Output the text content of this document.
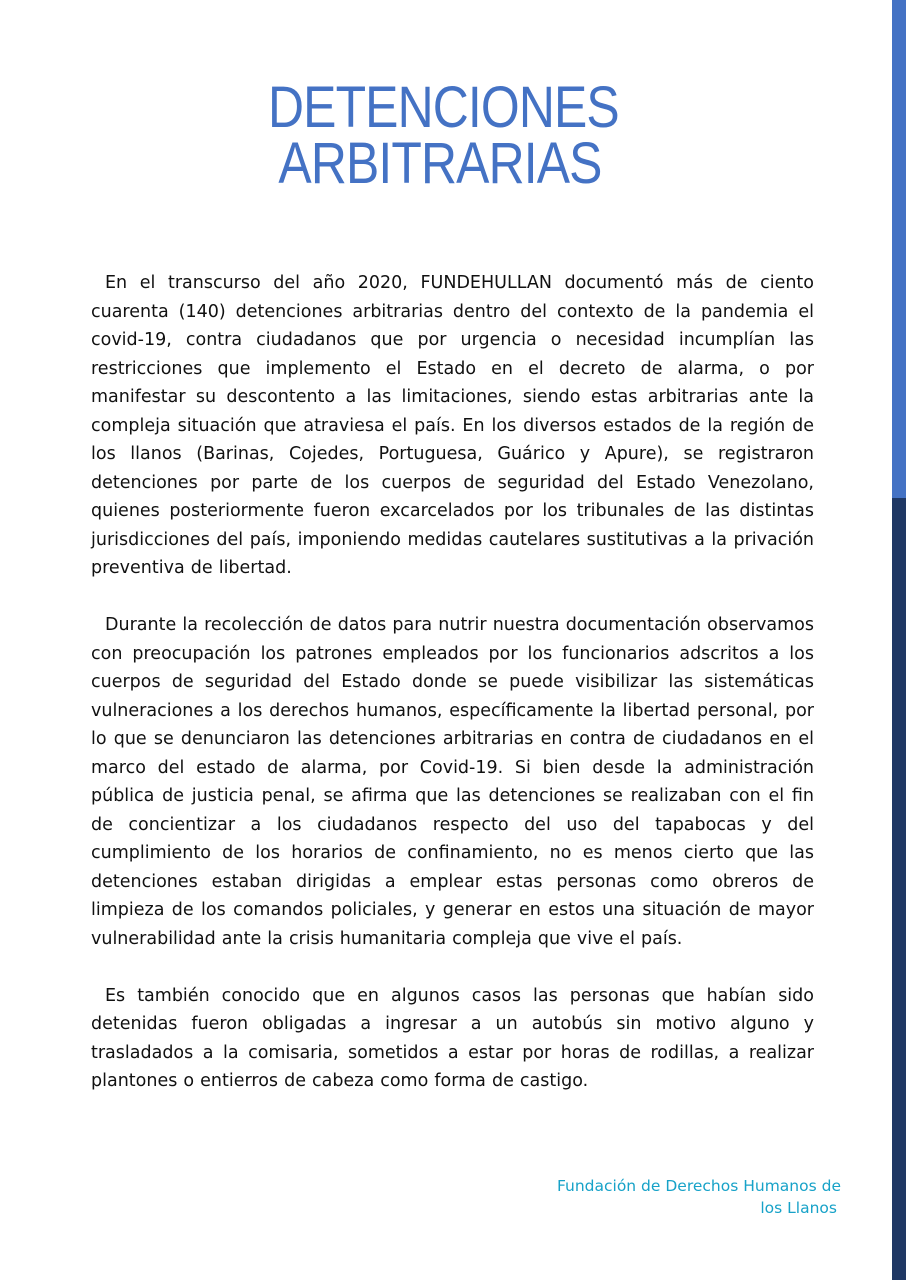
DETENCIONES
ARBITRARIAS

En el transcurso del año 2020, FUNDEHULLAN documentó más de ciento cuarenta (140) detenciones arbitrarias dentro del contexto de la pandemia el covid-19, contra ciudadanos que por urgencia o necesidad incumplían las restricciones que implemento el Estado en el decreto de alarma, o por manifestar su descontento a las limitaciones, siendo estas arbitrarias ante la compleja situación que atraviesa el país. En los diversos estados de la región de los llanos (Barinas, Cojedes, Portuguesa, Guárico y Apure), se registraron detenciones por parte de los cuerpos de seguridad del Estado Venezolano, quienes posteriormente fueron excarcelados por los tribunales de las distintas jurisdicciones del país, imponiendo medidas cautelares sustitutivas a la privación preventiva de libertad.

Durante la recolección de datos para nutrir nuestra documentación observamos con preocupación los patrones empleados por los funcionarios adscritos a los cuerpos de seguridad del Estado donde se puede visibilizar las sistemáticas vulneraciones a los derechos humanos, específicamente la libertad personal, por lo que se denunciaron las detenciones arbitrarias en contra de ciudadanos en el marco del estado de alarma, por Covid-19. Si bien desde la administración pública de justicia penal, se afirma que las detenciones se realizaban con el fin de concientizar a los ciudadanos respecto del uso del tapabocas y del cumplimiento de los horarios de confinamiento, no es menos cierto que las detenciones estaban dirigidas a emplear estas personas como obreros de limpieza de los comandos policiales, y generar en estos una situación de mayor vulnerabilidad ante la crisis humanitaria compleja que vive el país.

Es también conocido que en algunos casos las personas que habían sido detenidas fueron obligadas a ingresar a un autobús sin motivo alguno y trasladados a la comisaria, sometidos a estar por horas de rodillas, a realizar plantones o entierros de cabeza como forma de castigo.

Fundación de Derechos Humanos de
los Llanos
